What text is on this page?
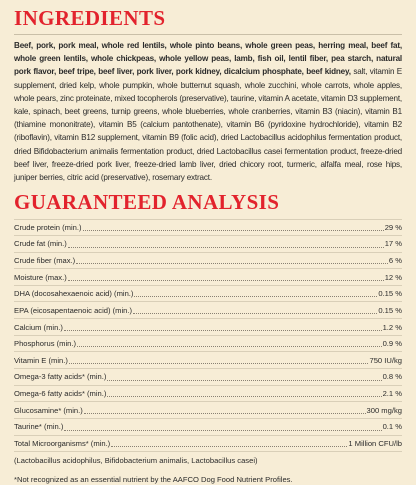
INGREDIENTS

Beef, pork, pork meal, whole red lentils, whole pinto beans, whole green peas, herring meal, beef fat, whole green lentils, whole chickpeas, whole yellow peas, lamb, fish oil, lentil fiber, pea starch, natural pork flavor, beef tripe, beef liver, pork liver, pork kidney, dicalcium phosphate, beef kidney, salt, vitamin E supplement, dried kelp, whole pumpkin, whole butternut squash, whole zucchini, whole carrots, whole apples, whole pears, zinc proteinate, mixed tocopherols (preservative), taurine, vitamin A acetate, vitamin D3 supplement, kale, spinach, beet greens, turnip greens, whole blueberries, whole cranberries, vitamin B3 (niacin), vitamin B1 (thiamine mononitrate), vitamin B5 (calcium pantothenate), vitamin B6 (pyridoxine hydrochloride), vitamin B2 (riboflavin), vitamin B12 supplement, vitamin B9 (folic acid), dried Lactobacillus acidophilus fermentation product, dried Bifidobacterium animalis fermentation product, dried Lactobacillus casei fermentation product, freeze-dried beef liver, freeze-dried pork liver, freeze-dried lamb liver, dried chicory root, turmeric, alfalfa meal, rose hips, juniper berries, citric acid (preservative), rosemary extract.

GUARANTEED ANALYSIS
Crude protein (min.)	29 %
Crude fat (min.)	17 %
Crude fiber (max.)	6 %
Moisture (max.)	12 %
DHA (docosahexaenoic acid) (min.)	0.15 %
EPA (eicosapentaenoic acid) (min.)	0.15 %
Calcium (min.)	1.2 %
Phosphorus (min.)	0.9 %
Vitamin E (min.)	750 IU/kg
Omega-3 fatty acids* (min.)	0.8 %
Omega-6 fatty acids* (min.)	2.1 %
Glucosamine* (min.)	300 mg/kg
Taurine* (min.)	0.1 %
Total Microorganisms* (min.)	1 Million CFU/lb
(Lactobacillus acidophilus, Bifidobacterium animalis, Lactobacillus casei)
*Not recognized as an essential nutrient by the AAFCO Dog Food Nutrient Profiles.
